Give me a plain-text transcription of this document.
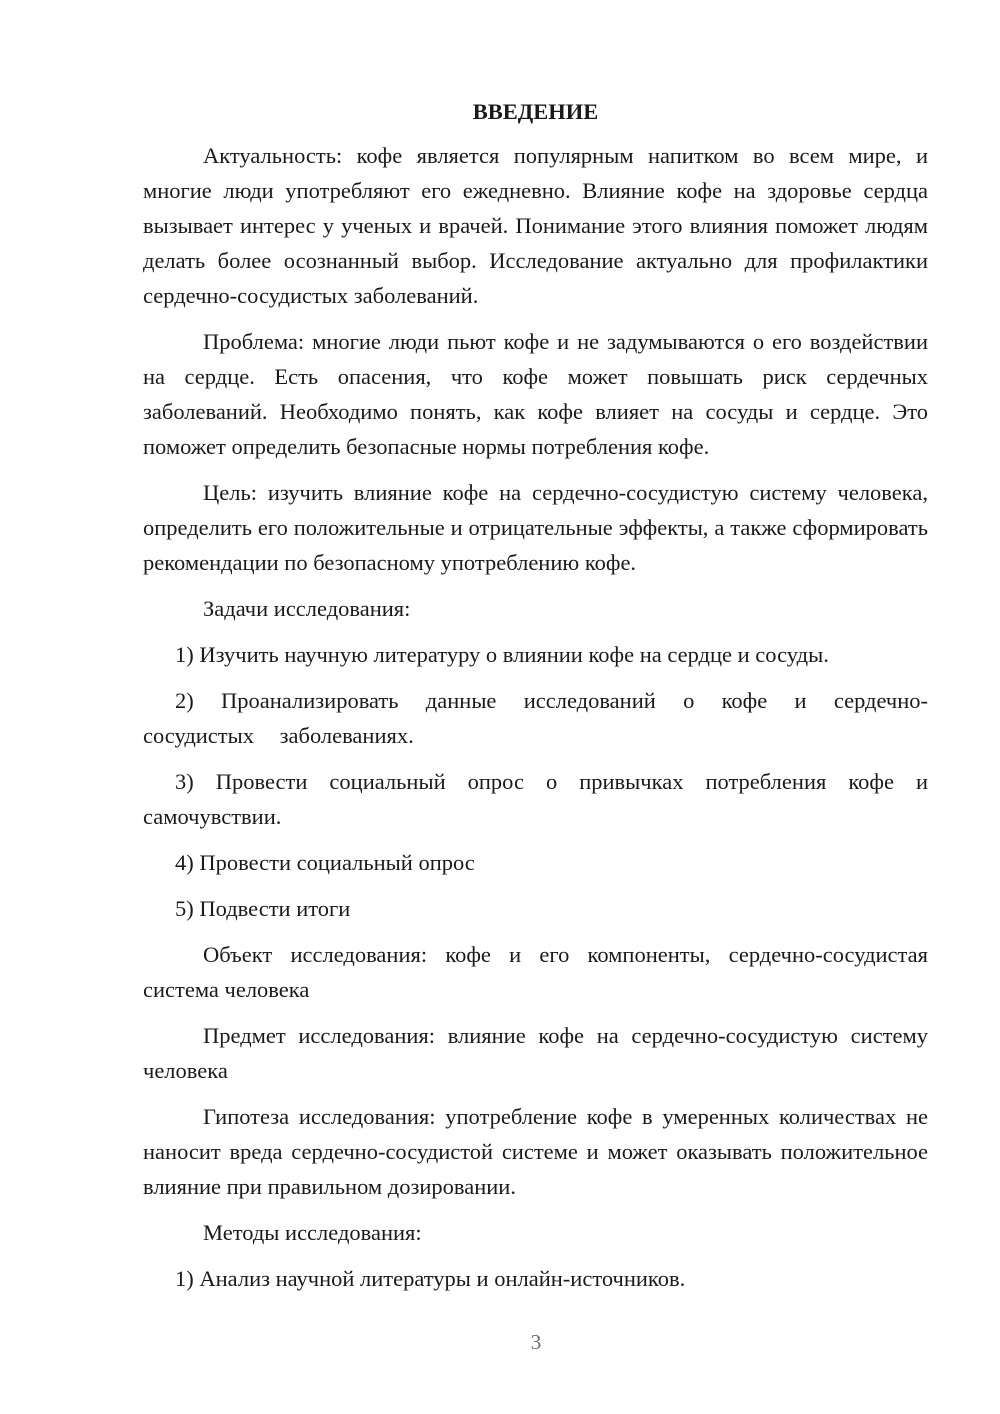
ВВЕДЕНИЕ

Актуальность: кофе является популярным напитком во всем мире, и многие люди употребляют его ежедневно. Влияние кофе на здоровье сердца вызывает интерес у ученых и врачей. Понимание этого влияния поможет людям делать более осознанный выбор. Исследование актуально для профилактики сердечно-сосудистых заболеваний.

Проблема: многие люди пьют кофе и не задумываются о его воздействии на сердце. Есть опасения, что кофе может повышать риск сердечных заболеваний. Необходимо понять, как кофе влияет на сосуды и сердце. Это поможет определить безопасные нормы потребления кофе.

Цель: изучить влияние кофе на сердечно-сосудистую систему человека, определить его положительные и отрицательные эффекты, а также сформировать рекомендации по безопасному употреблению кофе.

Задачи исследования:

1) Изучить научную литературу о влиянии кофе на сердце и сосуды.

2) Проанализировать данные исследований о кофе и сердечно-сосудистых заболеваниях.

3) Провести социальный опрос о привычках потребления кофе и самочувствии.

4) Провести социальный опрос

5) Подвести итоги

Объект исследования: кофе и его компоненты, сердечно-сосудистая система человека

Предмет исследования: влияние кофе на сердечно-сосудистую систему человека

Гипотеза исследования: употребление кофе в умеренных количествах не наносит вреда сердечно-сосудистой системе и может оказывать положительное влияние при правильном дозировании.

Методы исследования:

1) Анализ научной литературы и онлайн-источников.

3
